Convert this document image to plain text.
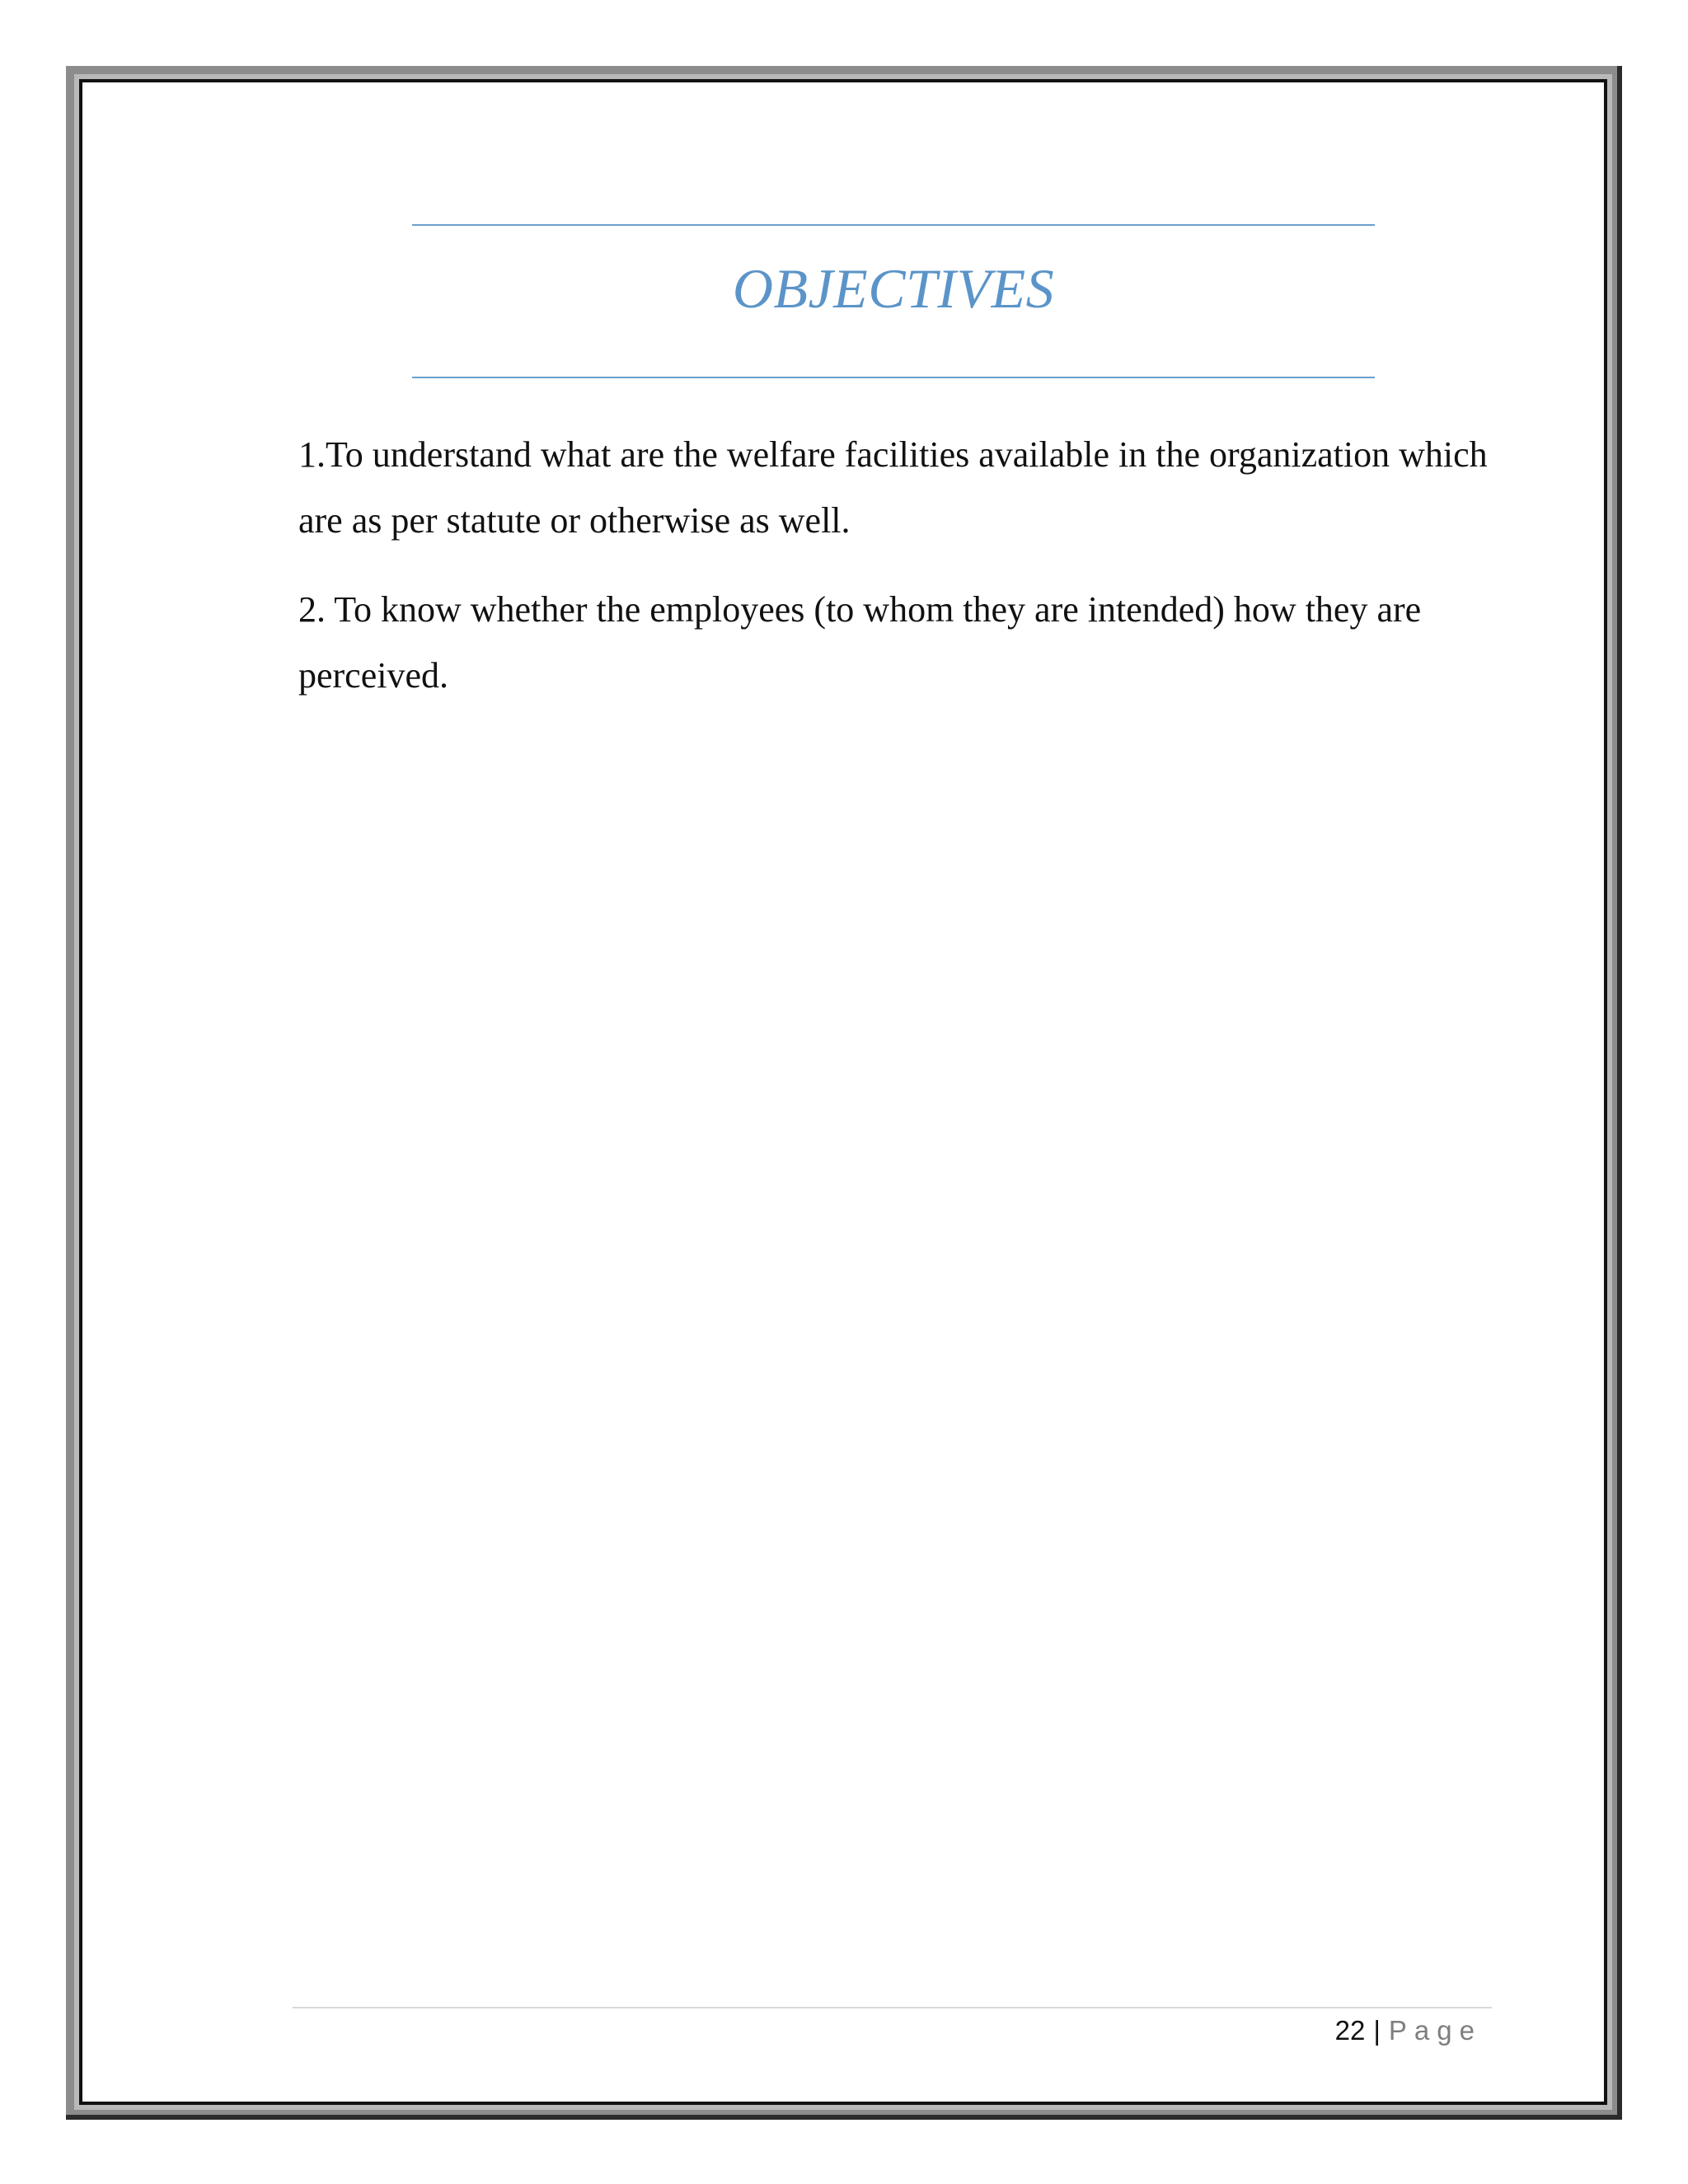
OBJECTIVES

1.To understand what are the welfare facilities available in the organization which are as per statute or otherwise as well.

2. To know whether the employees (to whom they are intended) how they are perceived.

22 | Page
